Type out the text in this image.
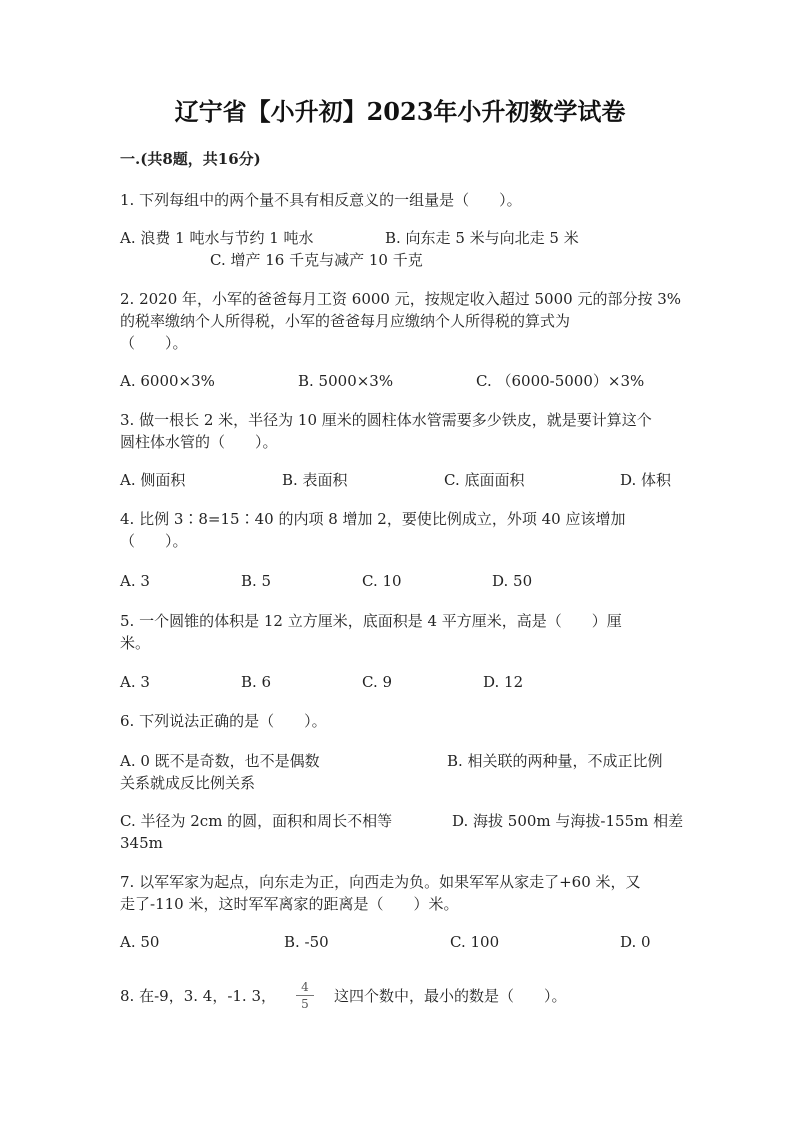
辽宁省【小升初】2023年小升初数学试卷
一.(共8题，共16分)
1. 下列每组中的两个量不具有相反意义的一组量是（　　）。
A. 浪费 1 吨水与节约 1 吨水	B. 向东走 5 米与向北走 5 米
C. 增产 16 千克与减产 10 千克
2. 2020 年，小军的爸爸每月工资 6000 元，按规定收入超过 5000 元的部分按 3%
的税率缴纳个人所得税，小军的爸爸每月应缴纳个人所得税的算式为
（　　）。
A. 6000×3%	B. 5000×3%	C. （6000-5000）×3%
3. 做一根长 2 米，半径为 10 厘米的圆柱体水管需要多少铁皮，就是要计算这个
圆柱体水管的（　　）。
A. 侧面积	B. 表面积	C. 底面面积	D. 体积
4. 比例 3∶8=15∶40 的内项 8 增加 2，要使比例成立，外项 40 应该增加
（　　）。
A. 3	B. 5	C. 10	D. 50
5. 一个圆锥的体积是 12 立方厘米，底面积是 4 平方厘米，高是（　　）厘
米。
A. 3	B. 6	C. 9	D. 12
6. 下列说法正确的是（　　）。
A. 0 既不是奇数，也不是偶数	B. 相关联的两种量，不成正比例
关系就成反比例关系
C. 半径为 2cm 的圆，面积和周长不相等	D. 海拔 500m 与海拔-155m 相差
345m
7. 以军军家为起点，向东走为正，向西走为负。如果军军从家走了+60 米，又
走了-110 米，这时军军离家的距离是（　　）米。
A. 50	B. -50	C. 100	D. 0
8. 在-9，3. 4，-1. 3，	4
5	这四个数中，最小的数是（　　）。
